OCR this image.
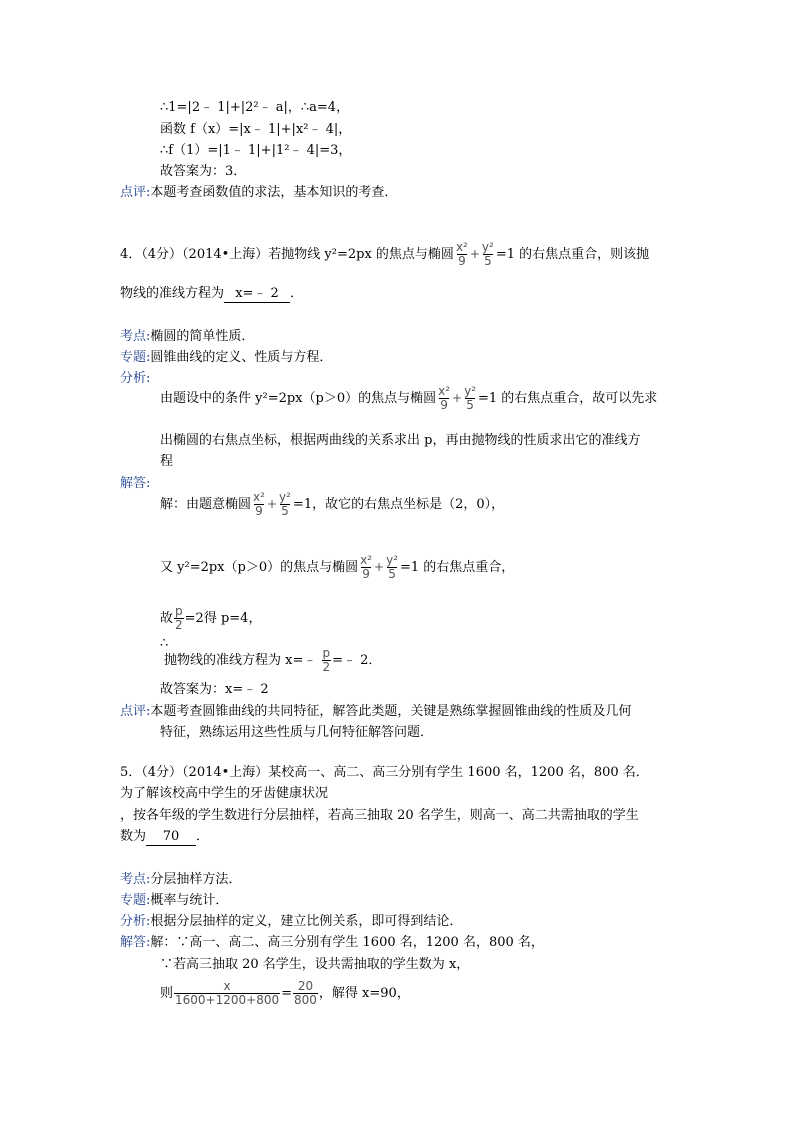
∴1=|2﹣ 1|+|2²﹣ a|，∴a=4，
函数 f（x）=|x﹣ 1|+|x²﹣ 4|，
∴f（1）=|1﹣ 1|+|1²﹣ 4|=3，
故答案为：3．
点评:本题考查函数值的求法，基本知识的考查．
4．（4分）（2014•上海）若抛物线 y²=2px 的焦点与椭圆 $\frac{\text{x²}}{9} + \frac{\text{y²}}{5} =1$ 的右焦点重合，则该抛
物线的准线方程为 x=﹣ 2 ．
考点:椭圆的简单性质．
专题:圆锥曲线的定义、性质与方程．
分析:
由题设中的条件 y²=2px（p＞0）的焦点与椭圆 $\frac{\text{x²}}{9} + \frac{\text{y²}}{5} =1$ 的右焦点重合，故可以先求
出椭圆的右焦点坐标，根据两曲线的关系求出 p，再由抛物线的性质求出它的准线方
程
解答:
解：由题意椭圆 $\frac{\text{x²}}{9} + \frac{\text{y²}}{5} =1$，故它的右焦点坐标是（2，0），
又 y²=2px（p＞0）的焦点与椭圆 $\frac{\text{x²}}{9} + \frac{\text{y²}}{5} =1$ 的右焦点重合，
故 $\frac{p}{2} =2$得 p=4，
∴
抛物线的准线方程为 x=﹣ $\frac{p}{2}$ =﹣ 2．
故答案为：x=﹣ 2
点评:本题考查圆锥曲线的共同特征，解答此类题，关键是熟练掌握圆锥曲线的性质及几何
特征，熟练运用这些性质与几何特征解答问题．
5．（4分）（2014•上海）某校高一、高二、高三分别有学生 1600 名，1200 名，800 名．
为了解该校高中学生的牙齿健康状况
，按各年级的学生数进行分层抽样，若高三抽取 20 名学生，则高一、高二共需抽取的学生
数为 70 ．
考点:分层抽样方法．
专题:概率与统计．
分析:根据分层抽样的定义，建立比例关系，即可得到结论．
解答:解：∵高一、高二、高三分别有学生 1600 名，1200 名，800 名，
∵若高三抽取 20 名学生，设共需抽取的学生数为 x，
则 $\frac{x}{1600+1200+800} = \frac{20}{800}$ ，解得 x=90，
